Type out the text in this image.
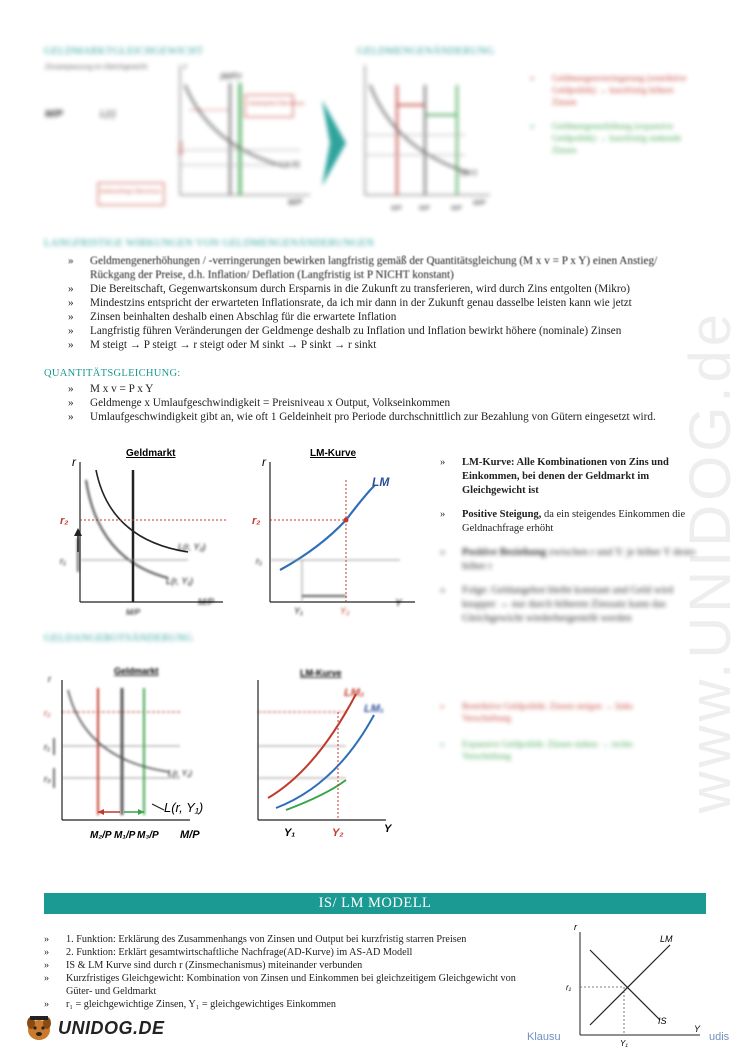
www.UNIDOG.de
GELDMARKTGLEICHGEWICHT	GELDMENGENÄNDERUNG
Zinsanpassung im Gleichgewicht
M/P	L(r)
r
(M/P)ˢ
Geldangebot Überschuss
Geldnachfrage Überschuss
L(r,Y)
M/P
Zins
L(r,Y)
M/P
M/P	M/P	M/P
» Geldmengenverringerung (restriktive Geldpolitik) → kurzfristig höhere Zinsen
» Geldmengenerhöhung (expansive Geldpolitik) → kurzfristig sinkende Zinsen
LANGFRISTIGE WIRKUNGEN VON GELDMENGENÄNDERUNGEN
» Geldmengenerhöhungen / -verringerungen bewirken langfristig gemäß der Quantitätsgleichung (M x v = P x Y) einen Anstieg/ Rückgang der Preise, d.h. Inflation/ Deflation (Langfristig ist P NICHT konstant)
» Die Bereitschaft, Gegenwartskonsum durch Ersparnis in die Zukunft zu transferieren, wird durch Zins entgolten (Mikro)
» Mindestzins entspricht der erwarteten Inflationsrate, da ich mir dann in der Zukunft genau dasselbe leisten kann wie jetzt
» Zinsen beinhalten deshalb einen Abschlag für die erwartete Inflation
» Langfristig führen Veränderungen der Geldmenge deshalb zu Inflation und Inflation bewirkt höhere (nominale) Zinsen
» M steigt → P steigt → r steigt oder M sinkt → P sinkt → r sinkt
QUANTITÄTSGLEICHUNG:
» M x v = P x Y
» Geldmenge x Umlaufgeschwindigkeit = Preisniveau x Output, Volkseinkommen
» Umlaufgeschwindigkeit gibt an, wie oft 1 Geldeinheit pro Periode durchschnittlich zur Bezahlung von Gütern eingesetzt wird.
Geldmarkt
r
r₁
L(r, Y₂)
L(r, Y₁)
M/P
M/P
r₂
LM-Kurve
r
r₂
LM
r₁
Y₁	Y₂
Y
» LM-Kurve: Alle Kombinationen von Zins und Einkommen, bei denen der Geldmarkt im Gleichgewicht ist
» Positive Steigung, da ein steigendes Einkommen die Geldnachfrage erhöht
» Positive Beziehung zwischen r und Y: je höher Y desto höher r
» Folge: Geldangebot bleibt konstant und Geld wird knapper → nur durch höheren Zinssatz kann das Gleichgewicht wiederhergestellt werden
GELDANGEBOTSÄNDERUNG
Geldmarkt
r
r₂
r₁
r₃
L(r, Y₁)
L(r, Y₁)
M₂/P M₁/P M₃/P M/P
LM-Kurve
LM₂
LM₁
Y₁	Y₂	Y
» Restriktive Geldpolitik: Zinsen steigen → links Verschiebung
» Expansive Geldpolitik: Zinsen sinken → rechts Verschiebung
IS/ LM MODELL
» 1. Funktion: Erklärung des Zusammenhangs von Zinsen und Output bei kurzfristig starren Preisen
» 2. Funktion: Erklärt gesamtwirtschaftliche Nachfrage(AD-Kurve) im AS-AD Modell
» IS & LM Kurve sind durch r (Zinsmechanismus) miteinander verbunden
» Kurzfristiges Gleichgewicht: Kombination von Zinsen und Einkommen bei gleichzeitigem Gleichgewicht von Güter- und Geldmarkt
» r₁ = gleichgewichtige Zinsen, Y₁ = gleichgewichtiges Einkommen
r
LM
IS
r₁
Y₁
Y
Klausu	udis
UNIDOG.DE
